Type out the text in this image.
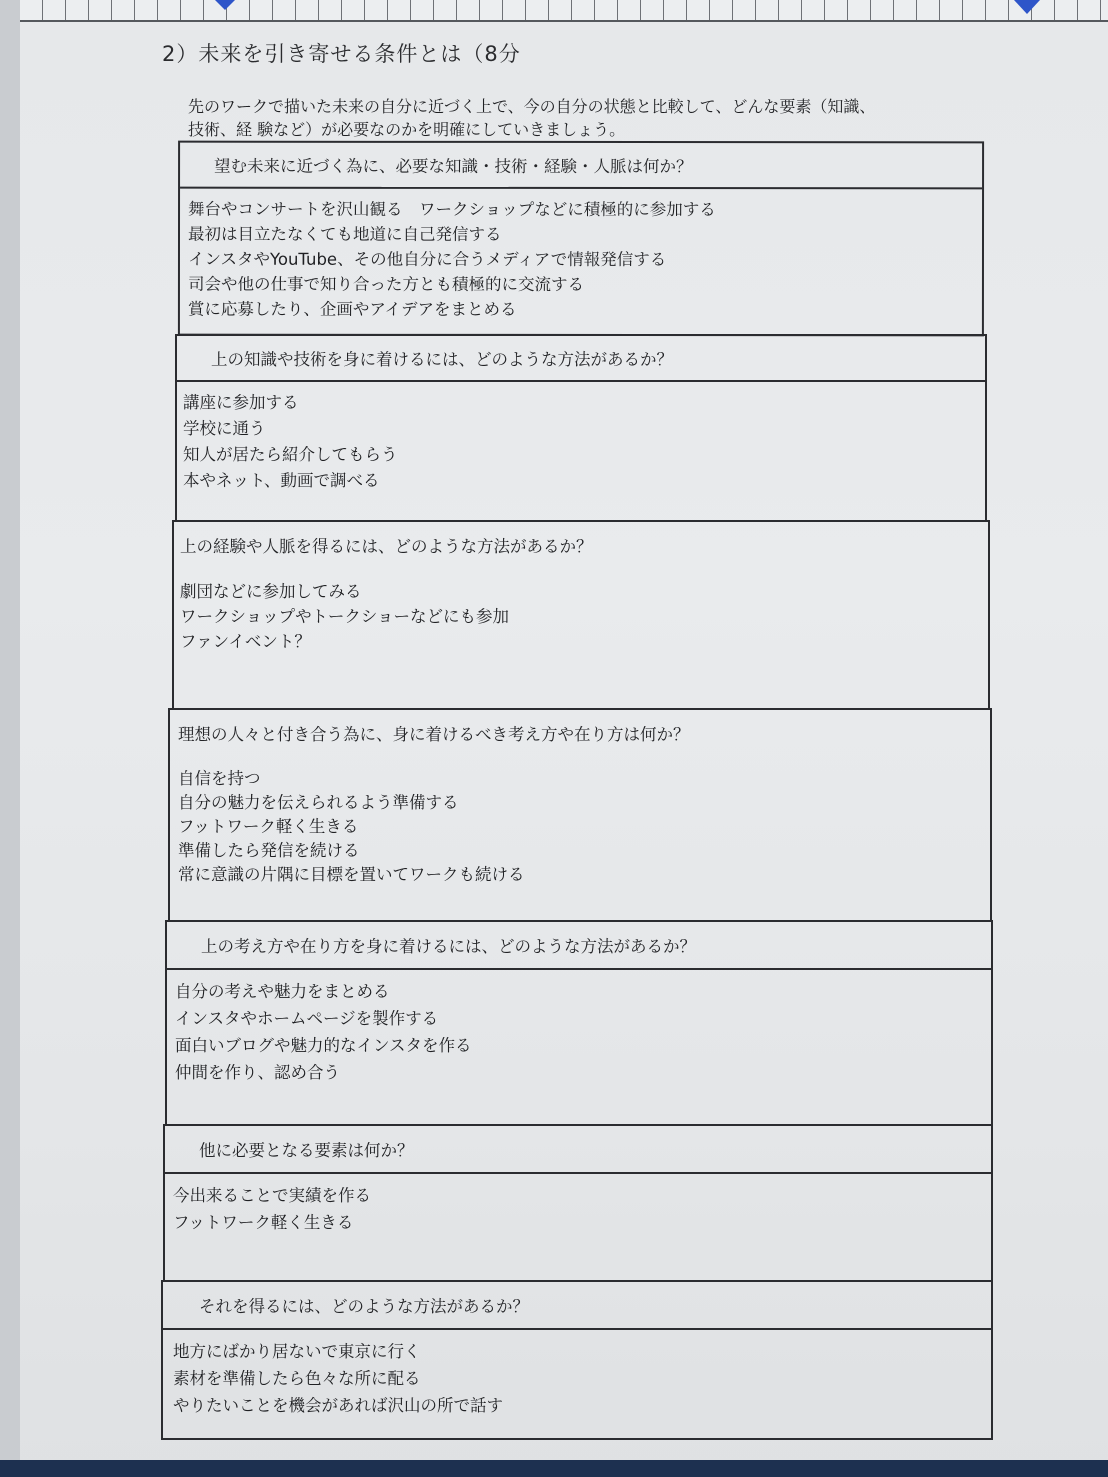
2）未来を引き寄せる条件とは（8分

先のワークで描いた未来の自分に近づく上で、今の自分の状態と比較して、どんな要素（知識、
技術、経 験など）が必要なのかを明確にしていきましょう。

望む未来に近づく為に、必要な知識・技術・経験・人脈は何か？
舞台やコンサートを沢山観る　ワークショップなどに積極的に参加する
最初は目立たなくても地道に自己発信する
インスタやYouTube、その他自分に合うメディアで情報発信する
司会や他の仕事で知り合った方とも積極的に交流する
賞に応募したり、企画やアイデアをまとめる
上の知識や技術を身に着けるには、どのような方法があるか？
講座に参加する
学校に通う
知人が居たら紹介してもらう
本やネット、動画で調べる
上の経験や人脈を得るには、どのような方法があるか？
劇団などに参加してみる
ワークショップやトークショーなどにも参加
ファンイベント？
理想の人々と付き合う為に、身に着けるべき考え方や在り方は何か？
自信を持つ
自分の魅力を伝えられるよう準備する
フットワーク軽く生きる
準備したら発信を続ける
常に意識の片隅に目標を置いてワークも続ける
上の考え方や在り方を身に着けるには、どのような方法があるか？
自分の考えや魅力をまとめる
インスタやホームページを製作する
面白いブログや魅力的なインスタを作る
仲間を作り、認め合う
他に必要となる要素は何か？
今出来ることで実績を作る
フットワーク軽く生きる
それを得るには、どのような方法があるか？
地方にばかり居ないで東京に行く
素材を準備したら色々な所に配る
やりたいことを機会があれば沢山の所で話す
